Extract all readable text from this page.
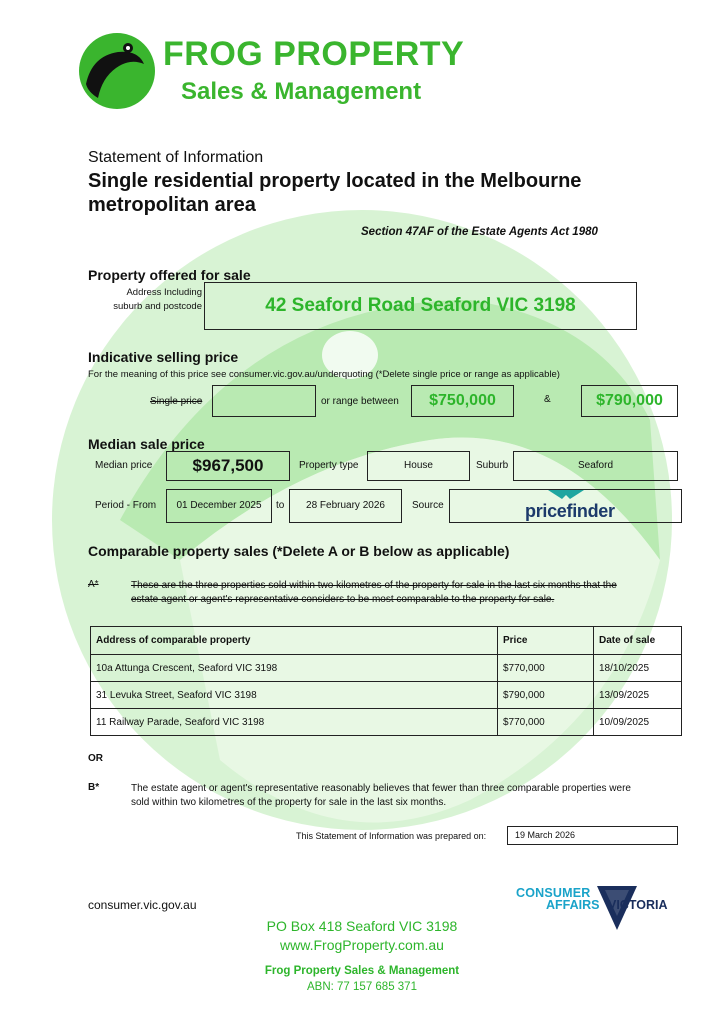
FROG PROPERTY
Sales & Management
Statement of Information
Single residential property located in the Melbourne metropolitan area
Section 47AF of the Estate Agents Act 1980
Property offered for sale
Address Including suburb and postcode	42 Seaford Road Seaford VIC 3198
Indicative selling price
For the meaning of this price see consumer.vic.gov.au/underquoting (*Delete single price or range as applicable)
Single price	or range between	$750,000	&	$790,000
Median sale price
Median price	$967,500	Property type	House	Suburb	Seaford
Period - From	01 December 2025	to	28 February 2026	Source	pricefinder
Comparable property sales (*Delete A or B below as applicable)
A*	These are the three properties sold within two kilometres of the property for sale in the last six months that the estate agent or agent's representative considers to be most comparable to the property for sale.
Address of comparable property	Price	Date of sale
10a Attunga Crescent, Seaford VIC 3198	$770,000	18/10/2025
31 Levuka Street, Seaford VIC 3198	$790,000	13/09/2025
11 Railway Parade, Seaford VIC 3198	$770,000	10/09/2025
OR
B*	The estate agent or agent's representative reasonably believes that fewer than three comparable properties were sold within two kilometres of the property for sale in the last six months.
This Statement of Information was prepared on:	19 March 2026
consumer.vic.gov.au
CONSUMER
AFFAIRS VICTORIA
PO Box 418 Seaford VIC 3198
www.FrogProperty.com.au
Frog Property Sales & Management
ABN: 77 157 685 371
